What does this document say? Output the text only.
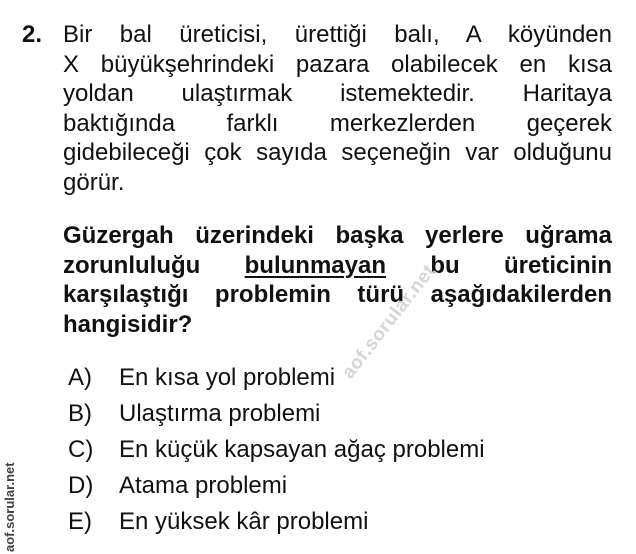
2. Bir bal üreticisi, ürettiği balı, A köyünden
X büyükşehrindeki pazara olabilecek en kısa
yoldan ulaştırmak istemektedir. Haritaya
baktığında farklı merkezlerden geçerek
gidebileceği çok sayıda seçeneğin var olduğunu
görür.
Güzergah üzerindeki başka yerlere uğrama
zorunluluğu bulunmayan bu üreticinin
karşılaştığı problemin türü aşağıdakilerden
hangisidir?
A)	En kısa yol problemi
B)	Ulaştırma problemi
C)	En küçük kapsayan ağaç problemi
D)	Atama problemi
E)	En yüksek kâr problemi
aof.sorular.net
aof.sorular.net
